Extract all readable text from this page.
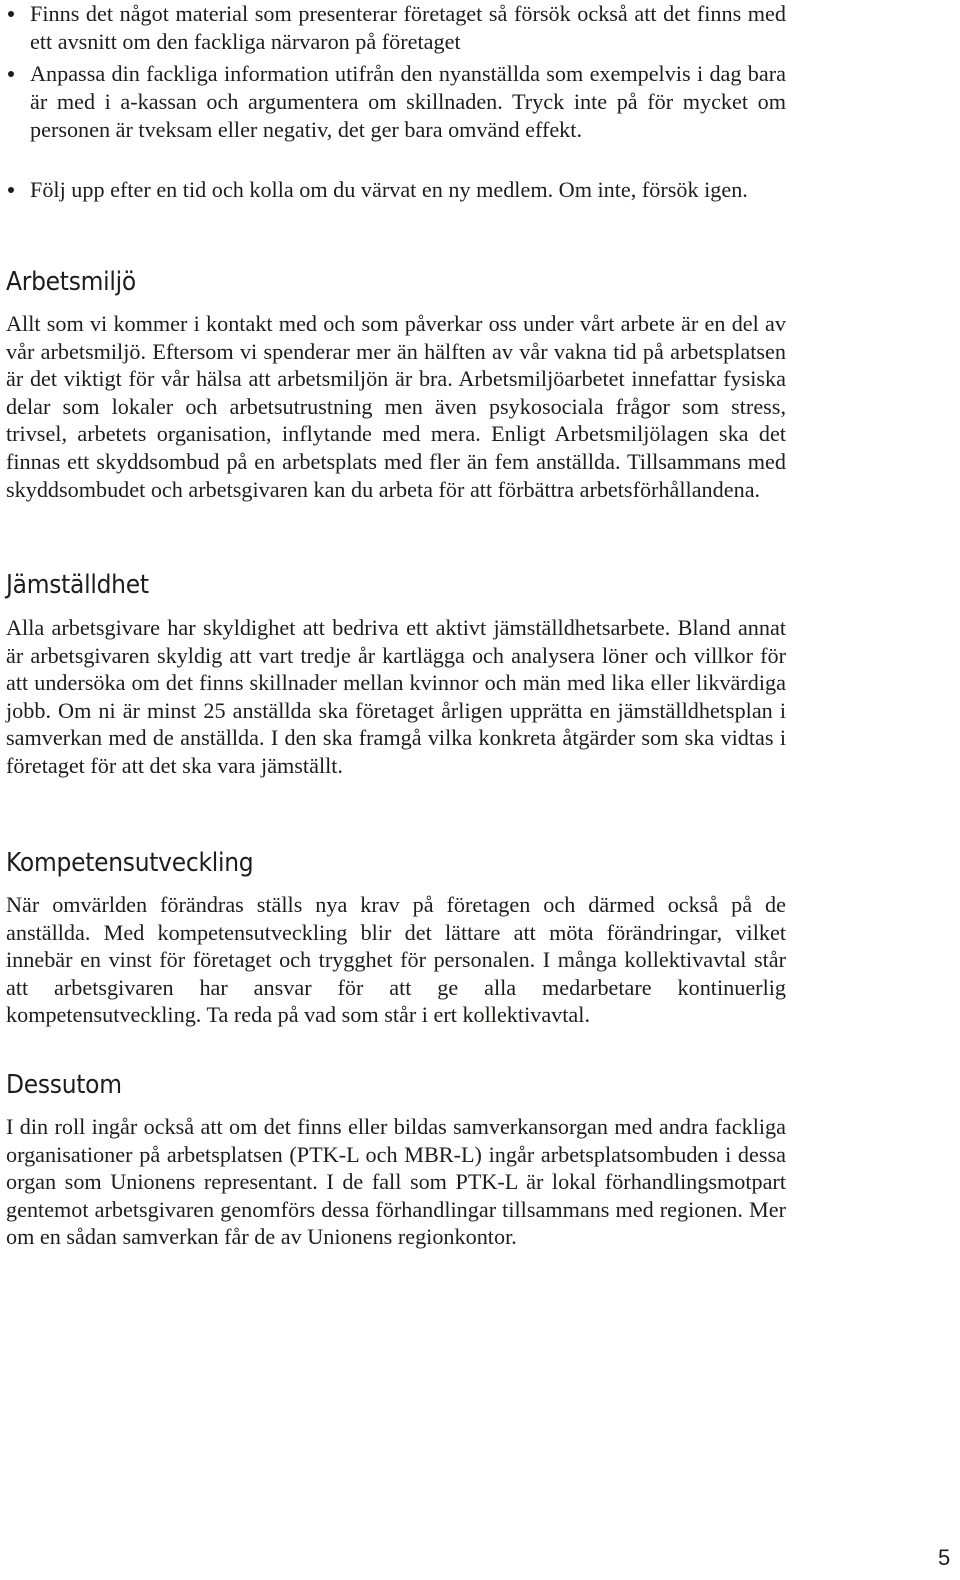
Finns det något material som presenterar företaget så försök också att det finns med ett avsnitt om den fackliga närvaron på företaget
Anpassa din fackliga information utifrån den nyanställda som exempelvis i dag bara är med i a-kassan och argumentera om skillnaden. Tryck inte på för mycket om personen är tveksam eller negativ, det ger bara omvänd effekt.
Följ upp efter en tid och kolla om du värvat en ny medlem. Om inte, försök igen.
Arbetsmiljö

Allt som vi kommer i kontakt med och som påverkar oss under vårt arbete är en del av vår arbetsmiljö. Eftersom vi spenderar mer än hälften av vår vakna tid på arbetsplatsen är det viktigt för vår hälsa att arbetsmiljön är bra. Arbetsmiljöarbetet innefattar fysiska delar som lokaler och arbetsutrustning men även psykosociala frågor som stress, trivsel, arbetets organisation, inflytande med mera. Enligt Arbetsmiljölagen ska det finnas ett skyddsombud på en arbetsplats med fler än fem anställda. Tillsammans med skyddsombudet och arbetsgivaren kan du arbeta för att förbättra arbetsförhållandena.

Jämställdhet

Alla arbetsgivare har skyldighet att bedriva ett aktivt jämställdhetsarbete. Bland annat är arbetsgivaren skyldig att vart tredje år kartlägga och analysera löner och villkor för att undersöka om det finns skillnader mellan kvinnor och män med lika eller likvärdiga jobb. Om ni är minst 25 anställda ska företaget årligen upprätta en jämställdhetsplan i samverkan med de anställda. I den ska framgå vilka konkreta åtgärder som ska vidtas i företaget för att det ska vara jämställt.

Kompetensutveckling

När omvärlden förändras ställs nya krav på företagen och därmed också på de anställda. Med kompetensutveckling blir det lättare att möta förändringar, vilket innebär en vinst för företaget och trygghet för personalen. I många kollektivavtal står att arbetsgivaren har ansvar för att ge alla medarbetare kontinuerlig kompetensutveckling. Ta reda på vad som står i ert kollektivavtal.

Dessutom

I din roll ingår också att om det finns eller bildas samverkansorgan med andra fackliga organisationer på arbetsplatsen (PTK-L och MBR-L) ingår arbetsplatsombuden i dessa organ som Unionens representant. I de fall som PTK-L är lokal förhandlingsmotpart gentemot arbetsgivaren genomförs dessa förhandlingar tillsammans med regionen. Mer om en sådan samverkan får de av Unionens regionkontor.

5
